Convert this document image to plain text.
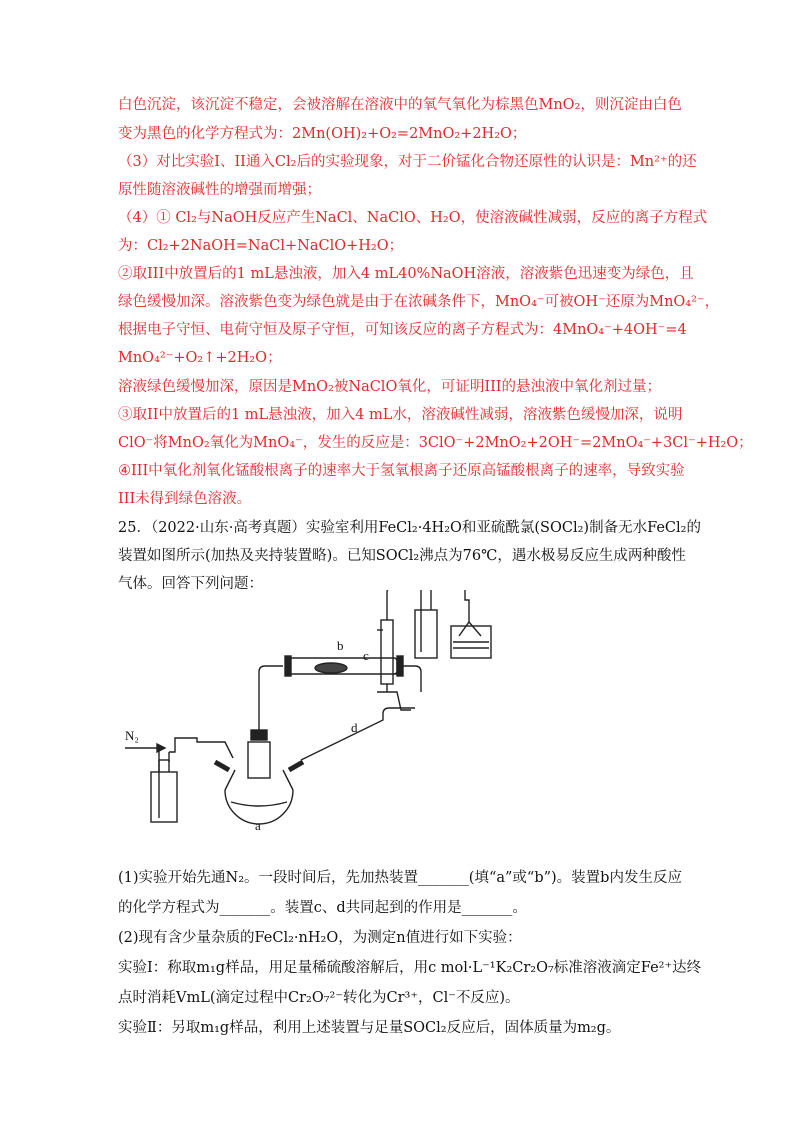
白色沉淀，该沉淀不稳定，会被溶解在溶液中的氧气氧化为棕黑色MnO₂，则沉淀由白色
变为黑色的化学方程式为：2Mn(OH)₂+O₂=2MnO₂+2H₂O；
（3）对比实验I、II通入Cl₂后的实验现象，对于二价锰化合物还原性的认识是：Mn²⁺的还
原性随溶液碱性的增强而增强；
（4）① Cl₂与NaOH反应产生NaCl、NaClO、H₂O，使溶液碱性减弱，反应的离子方程式
为：Cl₂+2NaOH=NaCl+NaClO+H₂O；
②取III中放置后的1 mL悬浊液，加入4 mL40%NaOH溶液，溶液紫色迅速变为绿色，且
绿色缓慢加深。溶液紫色变为绿色就是由于在浓碱条件下，MnO₄⁻可被OH⁻还原为MnO₄²⁻，
根据电子守恒、电荷守恒及原子守恒，可知该反应的离子方程式为：4MnO₄⁻+4OH⁻=4
MnO₄²⁻+O₂↑+2H₂O；
溶液绿色缓慢加深，原因是MnO₂被NaClO氧化，可证明III的悬浊液中氧化剂过量；
③取II中放置后的1 mL悬浊液，加入4 mL水，溶液碱性减弱，溶液紫色缓慢加深，说明
ClO⁻将MnO₂氧化为MnO₄⁻，发生的反应是：3ClO⁻+2MnO₂+2OH⁻=2MnO₄⁻+3Cl⁻+H₂O；
④III中氧化剂氧化锰酸根离子的速率大于氢氧根离子还原高锰酸根离子的速率，导致实验
III未得到绿色溶液。
25．（2022·山东·高考真题）实验室利用FeCl₂·4H₂O和亚硫酰氯(SOCl₂)制备无水FeCl₂的
装置如图所示(加热及夹持装置略)。已知SOCl₂沸点为76℃，遇水极易反应生成两种酸性
气体。回答下列问题：
N₂
a
b
c
d
(1)实验开始先通N₂。一段时间后，先加热装置_______(填“a”或“b”)。装置b内发生反应
的化学方程式为_______。装置c、d共同起到的作用是_______。
(2)现有含少量杂质的FeCl₂·nH₂O，为测定n值进行如下实验：
实验Ⅰ：称取m₁g样品，用足量稀硫酸溶解后，用c mol·L⁻¹K₂Cr₂O₇标准溶液滴定Fe²⁺达终
点时消耗VmL(滴定过程中Cr₂O₇²⁻转化为Cr³⁺，Cl⁻不反应)。
实验Ⅱ：另取m₁g样品，利用上述装置与足量SOCl₂反应后，固体质量为m₂g。
